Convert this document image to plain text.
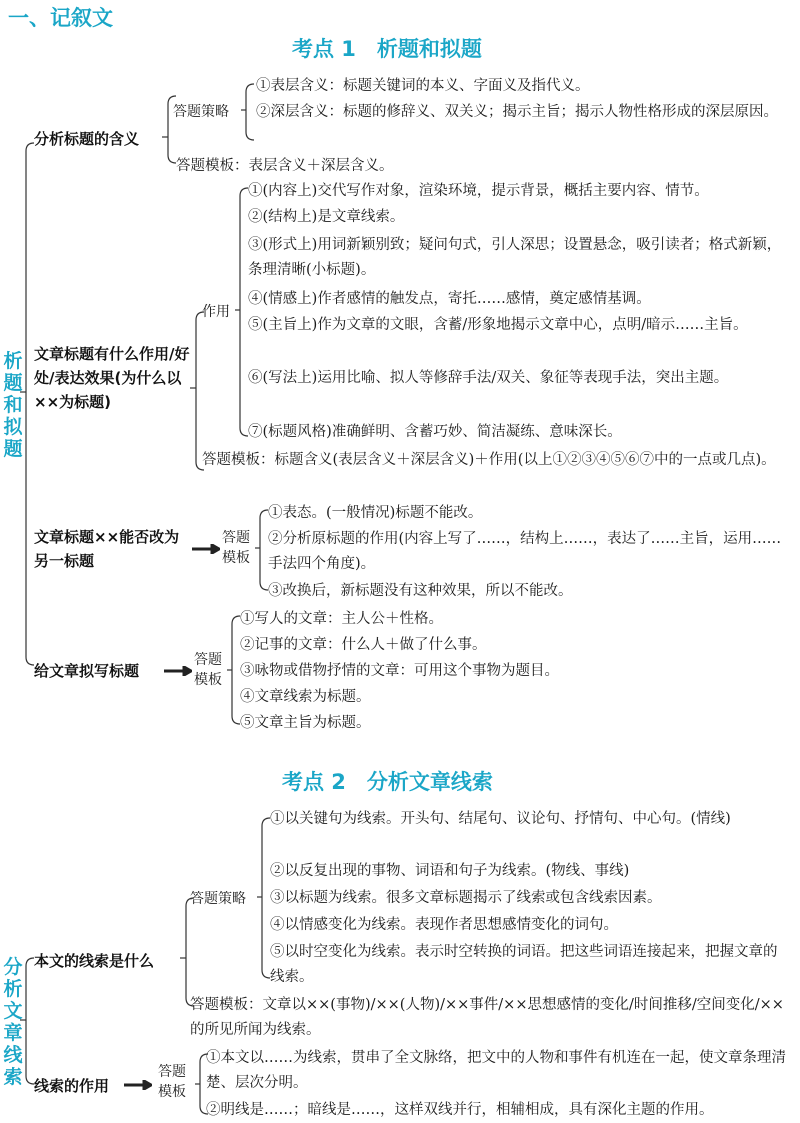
一、记叙文
考点 1　析题和拟题
析题和拟题
分析标题的含义
答题策略
①表层含义：标题关键词的本义、字面义及指代义。
②深层含义：标题的修辞义、双关义；揭示主旨；揭示人物性格形成的深层原因。
答题模板：表层含义＋深层含义。
文章标题有什么作用/好处/表达效果(为什么以××为标题)
作用
①(内容上)交代写作对象，渲染环境，提示背景，概括主要内容、情节。
②(结构上)是文章线索。
③(形式上)用词新颖别致；疑问句式，引人深思；设置悬念，吸引读者；格式新颖，条理清晰(小标题)。
④(情感上)作者感情的触发点，寄托……感情，奠定感情基调。
⑤(主旨上)作为文章的文眼，含蓄/形象地揭示文章中心，点明/暗示……主旨。
⑥(写法上)运用比喻、拟人等修辞手法/双关、象征等表现手法，突出主题。
⑦(标题风格)准确鲜明、含蓄巧妙、简洁凝练、意味深长。
答题模板：标题含义(表层含义＋深层含义)＋作用(以上①②③④⑤⑥⑦中的一点或几点)。
文章标题××能否改为另一标题
答题模板
①表态。(一般情况)标题不能改。
②分析原标题的作用(内容上写了……，结构上……，表达了……主旨，运用……手法四个角度)。
③改换后，新标题没有这种效果，所以不能改。
给文章拟写标题
答题模板
①写人的文章：主人公＋性格。
②记事的文章：什么人＋做了什么事。
③咏物或借物抒情的文章：可用这个事物为题目。
④文章线索为标题。
⑤文章主旨为标题。
考点 2　分析文章线索
分析文章线索
本文的线索是什么
答题策略
①以关键句为线索。开头句、结尾句、议论句、抒情句、中心句。(情线)
②以反复出现的事物、词语和句子为线索。(物线、事线)
③以标题为线索。很多文章标题揭示了线索或包含线索因素。
④以情感变化为线索。表现作者思想感情变化的词句。
⑤以时空变化为线索。表示时空转换的词语。把这些词语连接起来，把握文章的线索。
答题模板：文章以××(事物)/××(人物)/××事件/××思想感情的变化/时间推移/空间变化/××的所见所闻为线索。
线索的作用
答题模板
①本文以……为线索，贯串了全文脉络，把文中的人物和事件有机连在一起，使文章条理清楚、层次分明。
②明线是……；暗线是……，这样双线并行，相辅相成，具有深化主题的作用。
